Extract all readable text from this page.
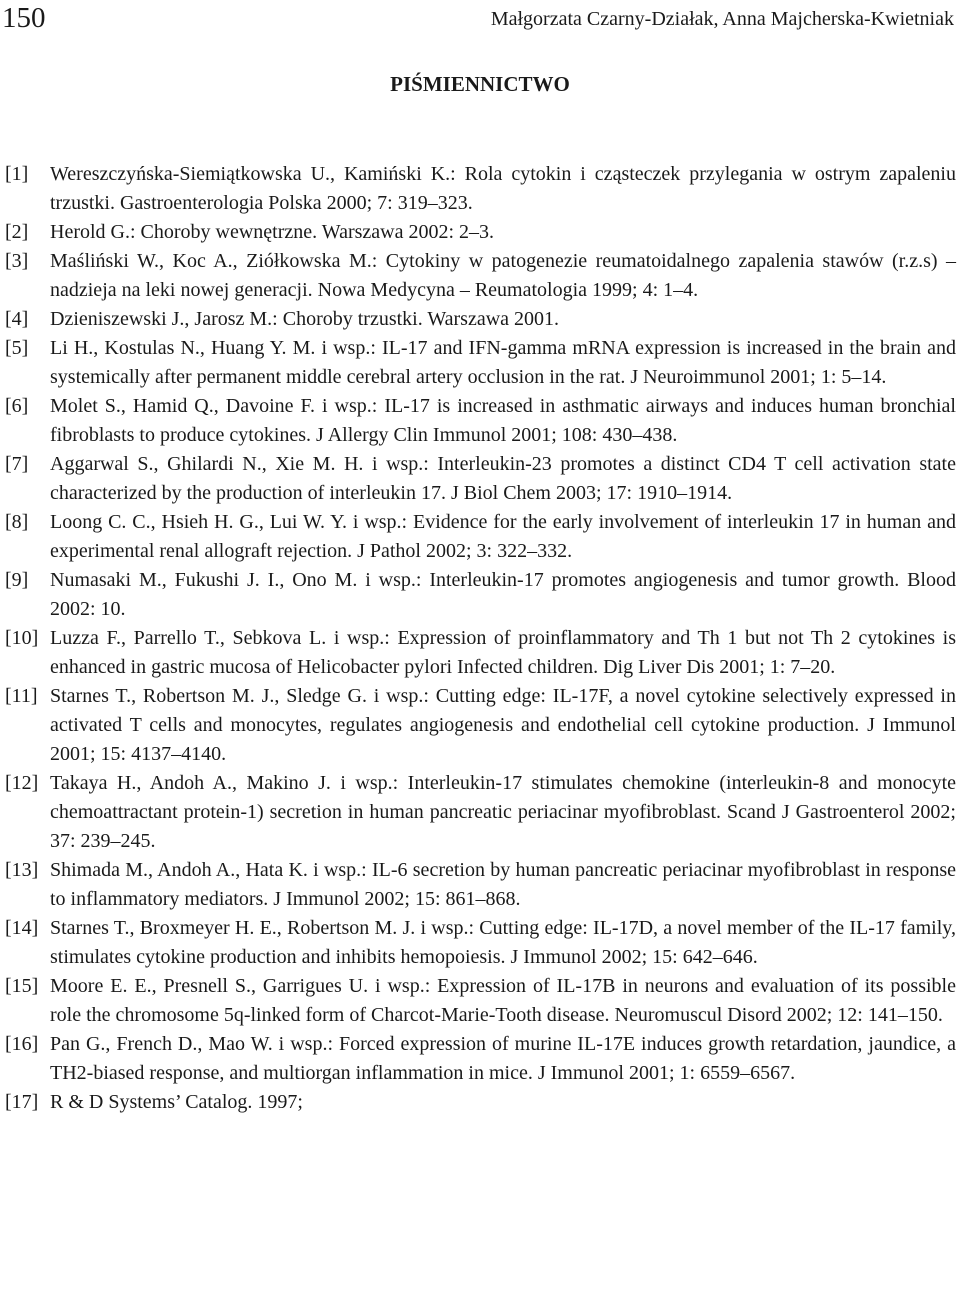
150	Małgorzata Czarny-Działak, Anna Majcherska-Kwietniak
PIŚMIENNICTWO
[1] Wereszczyńska-Siemiątkowska U., Kamiński K.: Rola cytokin i cząsteczek przylegania w ostrym zapaleniu trzustki. Gastroenterologia Polska 2000; 7: 319–323.
[2] Herold G.: Choroby wewnętrzne. Warszawa 2002: 2–3.
[3] Maśliński W., Koc A., Ziółkowska M.: Cytokiny w patogenezie reumatoidalnego zapalenia stawów (r.z.s) – nadzieja na leki nowej generacji. Nowa Medycyna – Reumatologia 1999; 4: 1–4.
[4] Dzieniszewski J., Jarosz M.: Choroby trzustki. Warszawa 2001.
[5] Li H., Kostulas N., Huang Y. M. i wsp.: IL-17 and IFN-gamma mRNA expression is increased in the brain and systemically after permanent middle cerebral artery occlusion in the rat. J Neuroimmunol 2001; 1: 5–14.
[6] Molet S., Hamid Q., Davoine F. i wsp.: IL-17 is increased in asthmatic airways and induces human bronchial fibroblasts to produce cytokines. J Allergy Clin Immunol 2001; 108: 430–438.
[7] Aggarwal S., Ghilardi N., Xie M. H. i wsp.: Interleukin-23 promotes a distinct CD4 T cell activation state characterized by the production of interleukin 17. J Biol Chem 2003; 17: 1910–1914.
[8] Loong C. C., Hsieh H. G., Lui W. Y. i wsp.: Evidence for the early involvement of interleukin 17 in human and experimental renal allograft rejection. J Pathol 2002; 3: 322–332.
[9] Numasaki M., Fukushi J. I., Ono M. i wsp.: Interleukin-17 promotes angiogenesis and tumor growth. Blood 2002: 10.
[10] Luzza F., Parrello T., Sebkova L. i wsp.: Expression of proinflammatory and Th 1 but not Th 2 cytokines is enhanced in gastric mucosa of Helicobacter pylori Infected children. Dig Liver Dis 2001; 1: 7–20.
[11] Starnes T., Robertson M. J., Sledge G. i wsp.: Cutting edge: IL-17F, a novel cytokine selectively expressed in activated T cells and monocytes, regulates angiogenesis and endothelial cell cytokine production. J Immunol 2001; 15: 4137–4140.
[12] Takaya H., Andoh A., Makino J. i wsp.: Interleukin-17 stimulates chemokine (interleukin-8 and monocyte chemoattractant protein-1) secretion in human pancreatic periacinar myofibroblast. Scand J Gastroenterol 2002; 37: 239–245.
[13] Shimada M., Andoh A., Hata K. i wsp.: IL-6 secretion by human pancreatic periacinar myofibroblast in response to inflammatory mediators. J Immunol 2002; 15: 861–868.
[14] Starnes T., Broxmeyer H. E., Robertson M. J. i wsp.: Cutting edge: IL-17D, a novel member of the IL-17 family, stimulates cytokine production and inhibits hemopoiesis. J Immunol 2002; 15: 642–646.
[15] Moore E. E., Presnell S., Garrigues U. i wsp.: Expression of IL-17B in neurons and evaluation of its possible role the chromosome 5q-linked form of Charcot-Marie-Tooth disease. Neuromuscul Disord 2002; 12: 141–150.
[16] Pan G., French D., Mao W. i wsp.: Forced expression of murine IL-17E induces growth retardation, jaundice, a TH2-biased response, and multiorgan inflammation in mice. J Immunol 2001; 1: 6559–6567.
[17] R & D Systems’ Catalog. 1997;
